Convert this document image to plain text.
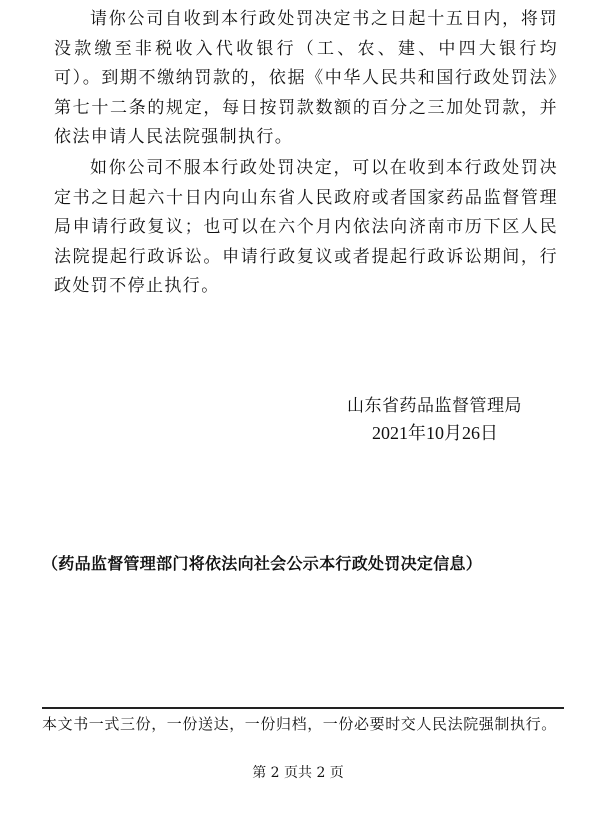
请你公司自收到本行政处罚决定书之日起十五日内，将罚没款缴至非税收入代收银行（工、农、建、中四大银行均可）。到期不缴纳罚款的，依据《中华人民共和国行政处罚法》第七十二条的规定，每日按罚款数额的百分之三加处罚款，并依法申请人民法院强制执行。

如你公司不服本行政处罚决定，可以在收到本行政处罚决定书之日起六十日内向山东省人民政府或者国家药品监督管理局申请行政复议；也可以在六个月内依法向济南市历下区人民法院提起行政诉讼。申请行政复议或者提起行政诉讼期间，行政处罚不停止执行。

山东省药品监督管理局

2021年10月26日

（药品监督管理部门将依法向社会公示本行政处罚决定信息）

本文书一式三份，一份送达，一份归档，一份必要时交人民法院强制执行。

第 2 页共 2 页
